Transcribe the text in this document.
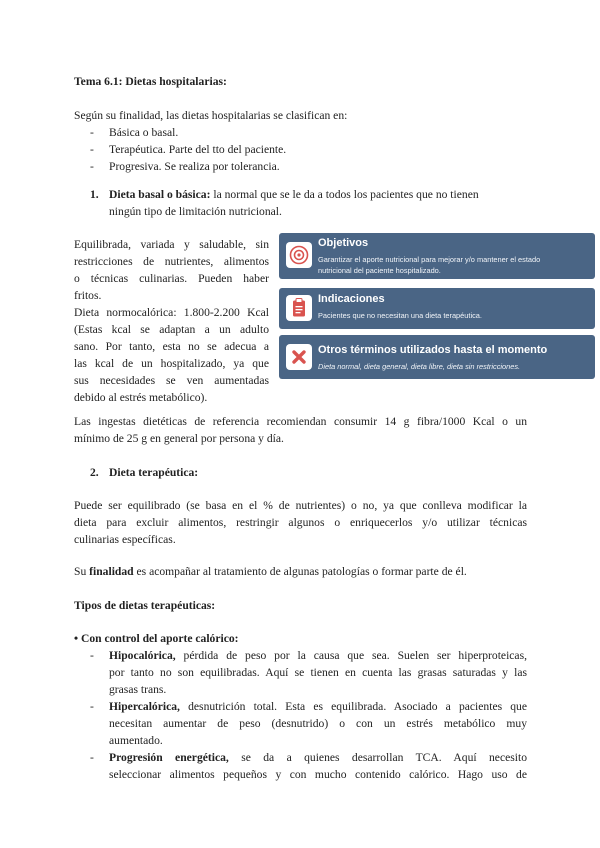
Tema 6.1: Dietas hospitalarias:
Según su finalidad, las dietas hospitalarias se clasifican en:
- Básica o basal.
- Terapéutica. Parte del tto del paciente.
- Progresiva. Se realiza por tolerancia.
1. Dieta basal o básica: la normal que se le da a todos los pacientes que no tienen
ningún tipo de limitación nutricional.
Equilibrada, variada y saludable, sin
restricciones de nutrientes, alimentos
o técnicas culinarias. Pueden haber
fritos.
Dieta normocalórica: 1.800-2.200 Kcal
(Estas kcal se adaptan a un adulto
sano. Por tanto, esta no se adecua a
las kcal de un hospitalizado, ya que
sus necesidades se ven aumentadas
debido al estrés metabólico).
Objetivos
Garantizar el aporte nutricional para mejorar y/o mantener el estado
nutricional del paciente hospitalizado.
Indicaciones
Pacientes que no necesitan una dieta terapéutica.
Otros términos utilizados hasta el momento
Dieta normal, dieta general, dieta libre, dieta sin restricciones.
Las ingestas dietéticas de referencia recomiendan consumir 14 g fibra/1000 Kcal o un
mínimo de 25 g en general por persona y día.
2. Dieta terapéutica:
Puede ser equilibrado (se basa en el % de nutrientes) o no, ya que conlleva modificar la
dieta para excluir alimentos, restringir algunos o enriquecerlos y/o utilizar técnicas
culinarias específicas.
Su finalidad es acompañar al tratamiento de algunas patologías o formar parte de él.
Tipos de dietas terapéuticas:
• Con control del aporte calórico:
- Hipocalórica, pérdida de peso por la causa que sea. Suelen ser hiperproteicas,
por tanto no son equilibradas. Aquí se tienen en cuenta las grasas saturadas y las
grasas trans.
- Hipercalórica, desnutrición total. Esta es equilibrada. Asociado a pacientes que
necesitan aumentar de peso (desnutrido) o con un estrés metabólico muy
aumentado.
- Progresión energética, se da a quienes desarrollan TCA. Aquí necesito
seleccionar alimentos pequeños y con mucho contenido calórico. Hago uso de
